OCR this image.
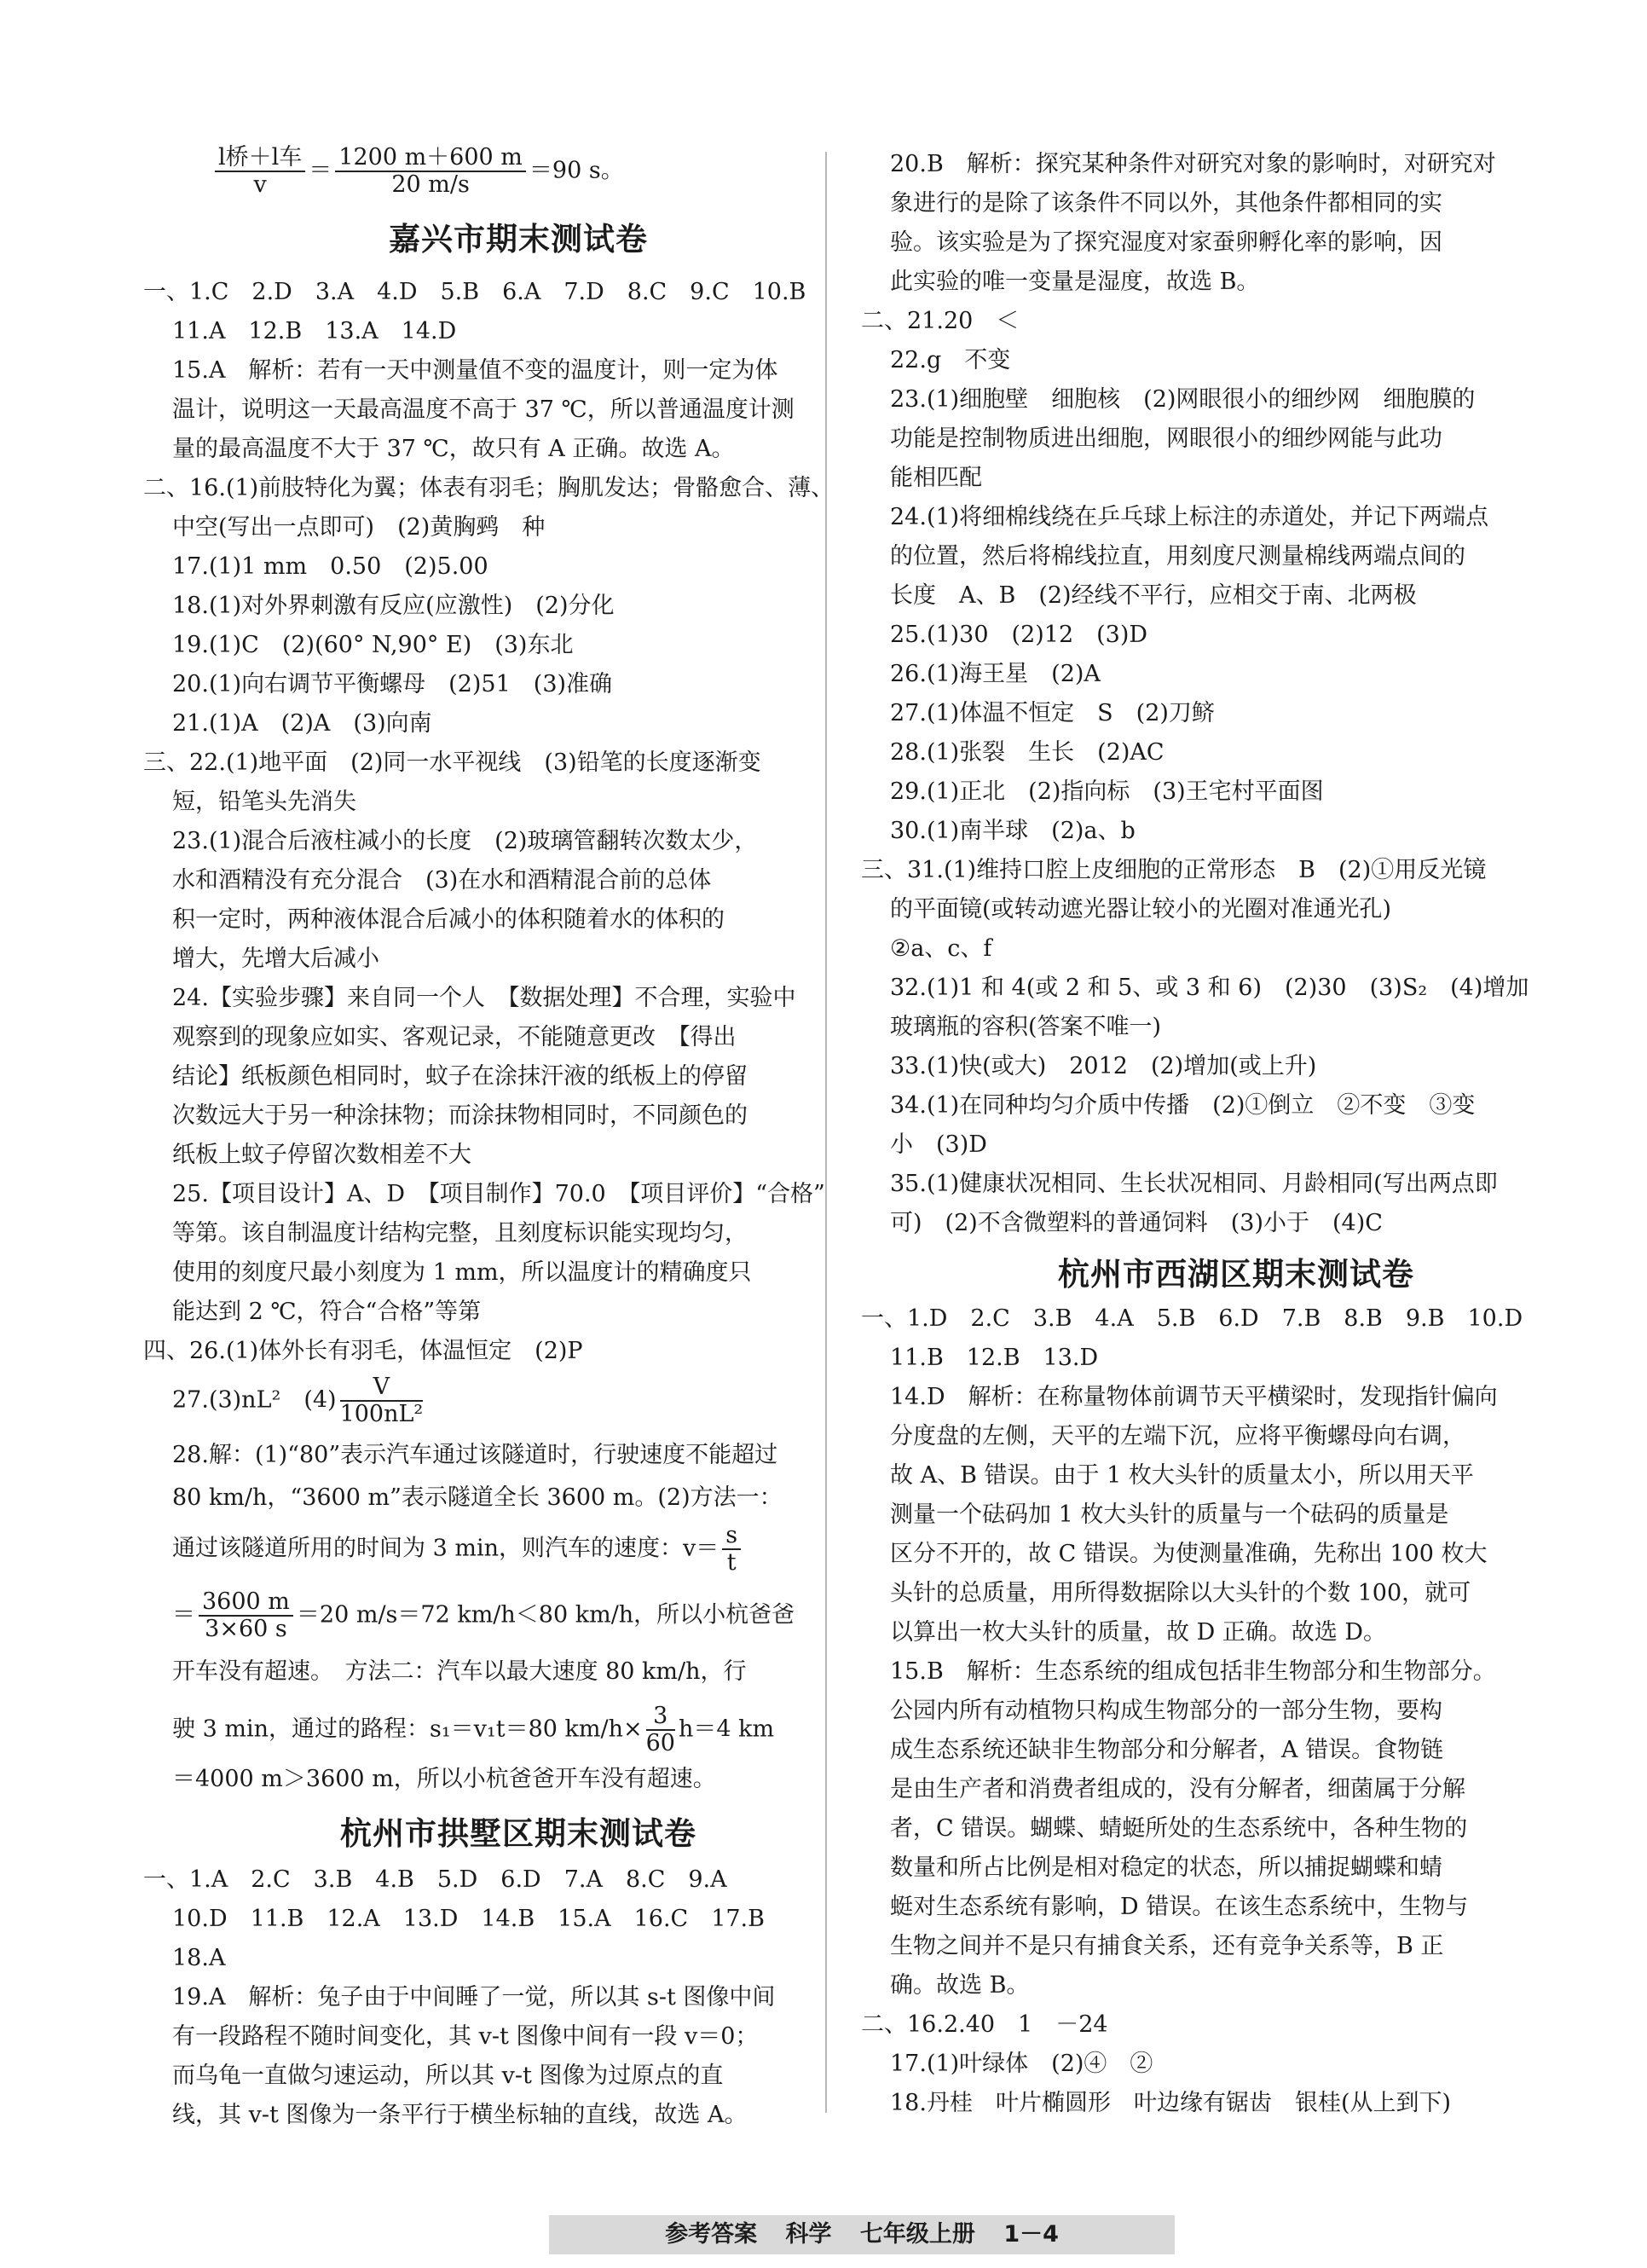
$\frac{\text{l桥＋l车}}{v} = \frac{1200 m+600 m}{20 m/s} =90$ s。
嘉兴市期末测试卷
一、1.C　2.D　3.A　4.D　5.B　6.A　7.D　8.C　9.C　10.B
11.A　12.B　13.A　14.D
15.A　解析：若有一天中测量值不变的温度计，则一定为体
温计，说明这一天最高温度不高于 37 ℃，所以普通温度计测
量的最高温度不大于 37 ℃，故只有 A 正确。故选 A。
二、16.(1)前肢特化为翼；体表有羽毛；胸肌发达；骨骼愈合、薄、
中空(写出一点即可)　(2)黄胸鹀　种
17.(1)1 mm　0.50　(2)5.00
18.(1)对外界刺激有反应(应激性)　(2)分化
19.(1)C　(2)(60° N,90° E)　(3)东北
20.(1)向右调节平衡螺母　(2)51　(3)准确
21.(1)A　(2)A　(3)向南
三、22.(1)地平面　(2)同一水平视线　(3)铅笔的长度逐渐变
短，铅笔头先消失
23.(1)混合后液柱减小的长度　(2)玻璃管翻转次数太少，
水和酒精没有充分混合　(3)在水和酒精混合前的总体
积一定时，两种液体混合后减小的体积随着水的体积的
增大，先增大后减小
24.【实验步骤】来自同一个人　【数据处理】不合理，实验中
观察到的现象应如实、客观记录，不能随意更改　【得出
结论】纸板颜色相同时，蚊子在涂抹汗液的纸板上的停留
次数远大于另一种涂抹物；而涂抹物相同时，不同颜色的
纸板上蚊子停留次数相差不大
25.【项目设计】A、D　【项目制作】70.0　【项目评价】“合格”
等第。该自制温度计结构完整，且刻度标识能实现均匀，
使用的刻度尺最小刻度为 1 mm，所以温度计的精确度只
能达到 2 ℃，符合“合格”等第
四、26.(1)体外长有羽毛，体温恒定　(2)P
27.(3)nL²　$(4) \frac{V}{\text{100nL²}}$
28.解：(1)“80”表示汽车通过该隧道时，行驶速度不能超过
80 km/h，“3600 m”表示隧道全长 3600 m。(2)方法一：
通过该隧道所用的时间为 3 min，则汽车的速度：$v= \frac{s}{t}$
＝ $\frac{3600 m}{3\times 60 s} =20$ m/s＝72 km/h＜80 km/h，所以小杭爸爸
开车没有超速。　方法二：汽车以最大速度 80 km/h，行
驶 3 min，通过的路程：s₁＝v₁t＝80 $km/h\times \frac{3}{60} h=4$ km
＝4000 m＞3600 m，所以小杭爸爸开车没有超速。
杭州市拱墅区期末测试卷
一、1.A　2.C　3.B　4.B　5.D　6.D　7.A　8.C　9.A
10.D　11.B　12.A　13.D　14.B　15.A　16.C　17.B
18.A
19.A　解析：兔子由于中间睡了一觉，所以其 s-t 图像中间
有一段路程不随时间变化，其 v-t 图像中间有一段 v＝0；
而乌龟一直做匀速运动，所以其 v-t 图像为过原点的直
线，其 v-t 图像为一条平行于横坐标轴的直线，故选 A。
20.B　解析：探究某种条件对研究对象的影响时，对研究对
象进行的是除了该条件不同以外，其他条件都相同的实
验。该实验是为了探究湿度对家蚕卵孵化率的影响，因
此实验的唯一变量是湿度，故选 B。
二、21.20　＜
22.g　不变
23.(1)细胞壁　细胞核　(2)网眼很小的细纱网　细胞膜的
功能是控制物质进出细胞，网眼很小的细纱网能与此功
能相匹配
24.(1)将细棉线绕在乒乓球上标注的赤道处，并记下两端点
的位置，然后将棉线拉直，用刻度尺测量棉线两端点间的
长度　A、B　(2)经线不平行，应相交于南、北两极
25.(1)30　(2)12　(3)D
26.(1)海王星　(2)A
27.(1)体温不恒定　S　(2)刀鲚
28.(1)张裂　生长　(2)AC
29.(1)正北　(2)指向标　(3)王宅村平面图
30.(1)南半球　(2)a、b
三、31.(1)维持口腔上皮细胞的正常形态　B　(2)①用反光镜
的平面镜(或转动遮光器让较小的光圈对准通光孔)
②a、c、f
32.(1)1 和 4(或 2 和 5、或 3 和 6)　(2)30　(3)S₂　(4)增加
玻璃瓶的容积(答案不唯一)
33.(1)快(或大)　2012　(2)增加(或上升)
34.(1)在同种均匀介质中传播　(2)①倒立　②不变　③变
小　(3)D
35.(1)健康状况相同、生长状况相同、月龄相同(写出两点即
可)　(2)不含微塑料的普通饲料　(3)小于　(4)C
杭州市西湖区期末测试卷
一、1.D　2.C　3.B　4.A　5.B　6.D　7.B　8.B　9.B　10.D
11.B　12.B　13.D
14.D　解析：在称量物体前调节天平横梁时，发现指针偏向
分度盘的左侧，天平的左端下沉，应将平衡螺母向右调，
故 A、B 错误。由于 1 枚大头针的质量太小，所以用天平
测量一个砝码加 1 枚大头针的质量与一个砝码的质量是
区分不开的，故 C 错误。为使测量准确，先称出 100 枚大
头针的总质量，用所得数据除以大头针的个数 100，就可
以算出一枚大头针的质量，故 D 正确。故选 D。
15.B　解析：生态系统的组成包括非生物部分和生物部分。
公园内所有动植物只构成生物部分的一部分生物，要构
成生态系统还缺非生物部分和分解者，A 错误。食物链
是由生产者和消费者组成的，没有分解者，细菌属于分解
者，C 错误。蝴蝶、蜻蜓所处的生态系统中，各种生物的
数量和所占比例是相对稳定的状态，所以捕捉蝴蝶和蜻
蜓对生态系统有影响，D 错误。在该生态系统中，生物与
生物之间并不是只有捕食关系，还有竞争关系等，B 正
确。故选 B。
二、16.2.40　1　－24
17.(1)叶绿体　(2)④　②
18.丹桂　叶片椭圆形　叶边缘有锯齿　银桂(从上到下)
参考答案 科学 七年级上册 1－4
